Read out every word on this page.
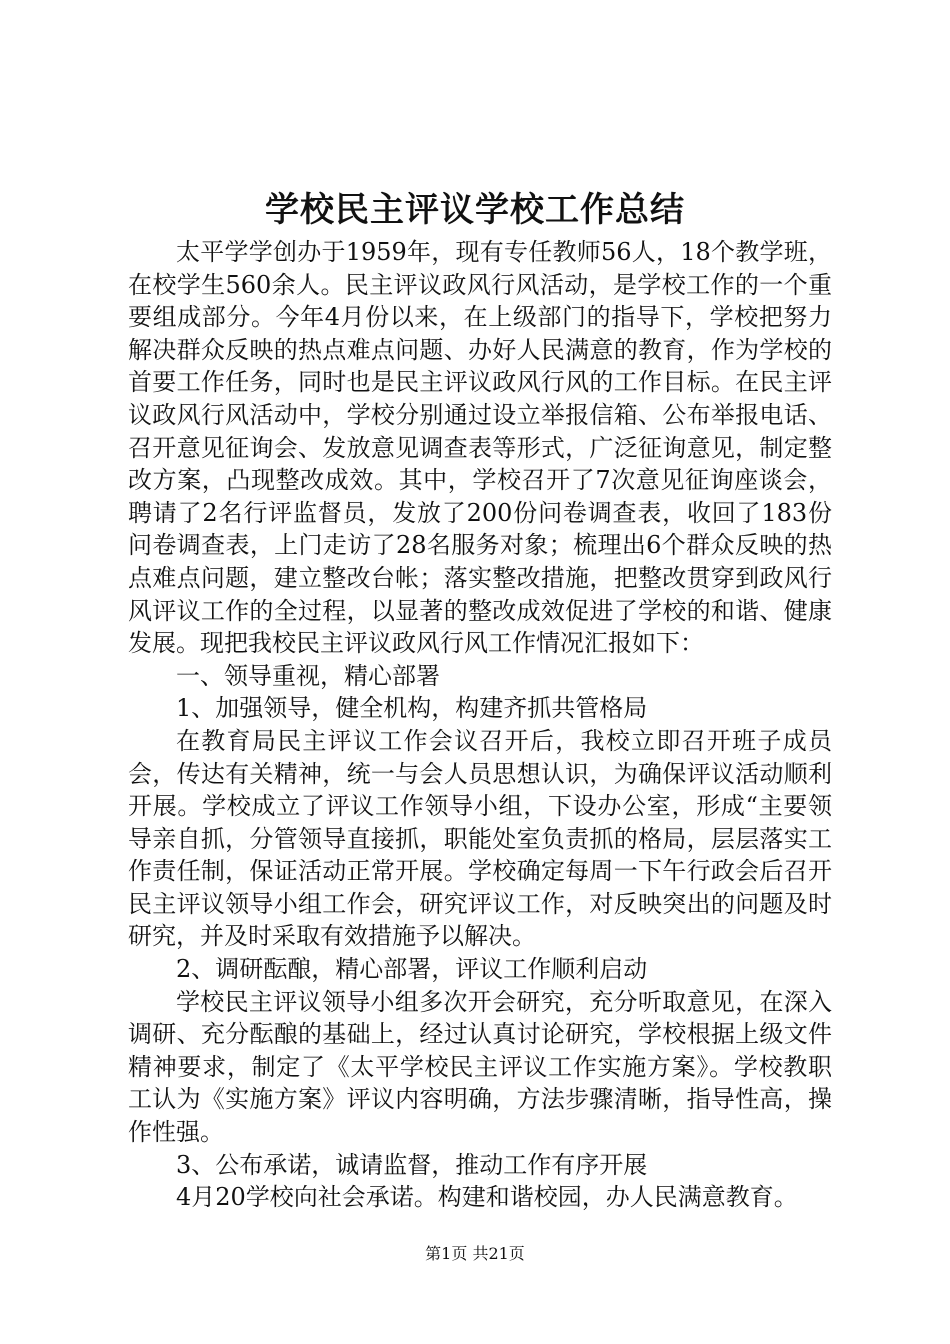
学校民主评议学校工作总结

太平学学创办于1959年，现有专任教师56人，18个教学班，在校学生560余人。民主评议政风行风活动，是学校工作的一个重要组成部分。今年4月份以来，在上级部门的指导下，学校把努力解决群众反映的热点难点问题、办好人民满意的教育，作为学校的首要工作任务，同时也是民主评议政风行风的工作目标。在民主评议政风行风活动中，学校分别通过设立举报信箱、公布举报电话、召开意见征询会、发放意见调查表等形式，广泛征询意见，制定整改方案，凸现整改成效。其中，学校召开了7次意见征询座谈会，聘请了2名行评监督员，发放了200份问卷调查表，收回了183份问卷调查表，上门走访了28名服务对象；梳理出6个群众反映的热点难点问题，建立整改台帐；落实整改措施，把整改贯穿到政风行风评议工作的全过程，以显著的整改成效促进了学校的和谐、健康发展。现把我校民主评议政风行风工作情况汇报如下：

一、领导重视，精心部署

1、加强领导，健全机构，构建齐抓共管格局

在教育局民主评议工作会议召开后，我校立即召开班子成员会，传达有关精神，统一与会人员思想认识，为确保评议活动顺利开展。学校成立了评议工作领导小组，下设办公室，形成“主要领导亲自抓，分管领导直接抓，职能处室负责抓的格局，层层落实工作责任制，保证活动正常开展。学校确定每周一下午行政会后召开民主评议领导小组工作会，研究评议工作，对反映突出的问题及时研究，并及时采取有效措施予以解决。

2、调研酝酿，精心部署，评议工作顺利启动

学校民主评议领导小组多次开会研究，充分听取意见，在深入调研、充分酝酿的基础上，经过认真讨论研究，学校根据上级文件精神要求，制定了《太平学校民主评议工作实施方案》。学校教职工认为《实施方案》评议内容明确，方法步骤清晰，指导性高，操作性强。

3、公布承诺，诚请监督，推动工作有序开展

4月20学校向社会承诺。构建和谐校园，办人民满意教育。

第1页 共21页
